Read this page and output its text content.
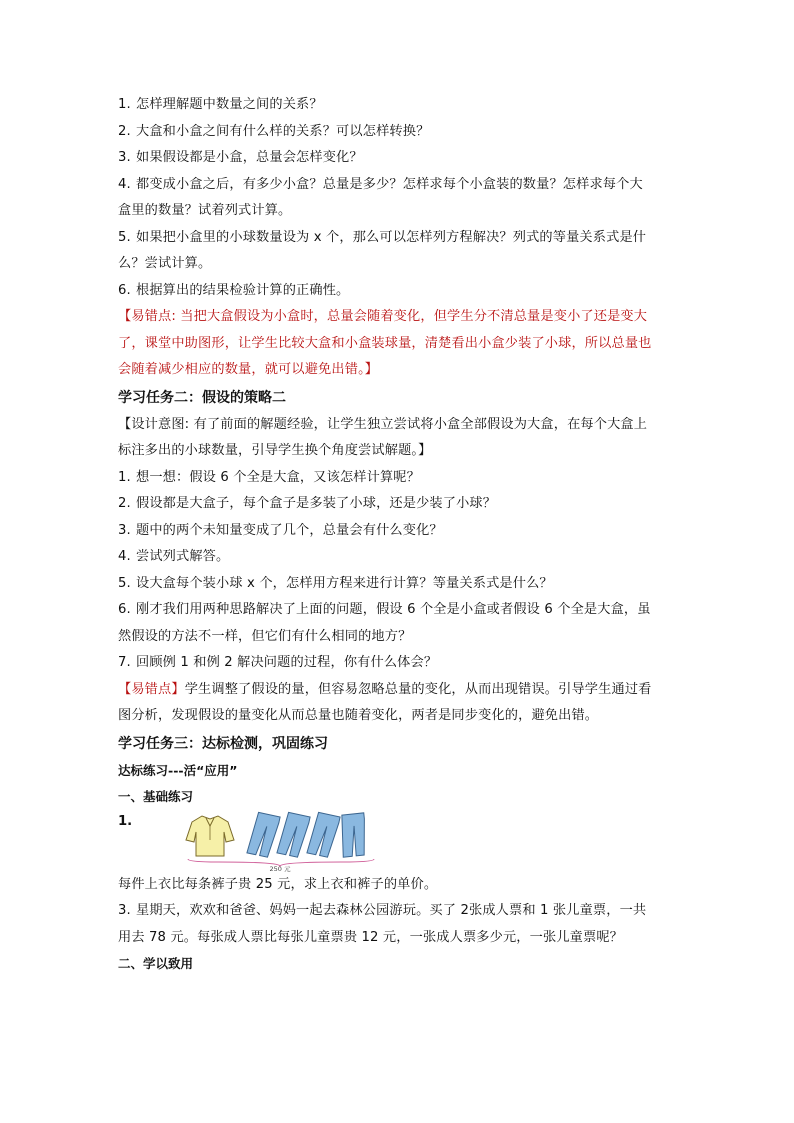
1. 怎样理解题中数量之间的关系？
2. 大盒和小盒之间有什么样的关系？可以怎样转换？
3. 如果假设都是小盒，总量会怎样变化？
4. 都变成小盒之后，有多少小盒？总量是多少？怎样求每个小盒装的数量？怎样求每个大
盒里的数量？试着列式计算。
5. 如果把小盒里的小球数量设为 x 个，那么可以怎样列方程解决？列式的等量关系式是什
么？尝试计算。
6. 根据算出的结果检验计算的正确性。
【易错点: 当把大盒假设为小盒时，总量会随着变化，但学生分不清总量是变小了还是变大
了，课堂中助图形，让学生比较大盒和小盒装球量，清楚看出小盒少装了小球，所以总量也
会随着减少相应的数量，就可以避免出错。】
学习任务二：假设的策略二
【设计意图: 有了前面的解题经验，让学生独立尝试将小盒全部假设为大盒，在每个大盒上
标注多出的小球数量，引导学生换个角度尝试解题。】
1. 想一想：假设 6 个全是大盒，又该怎样计算呢？
2. 假设都是大盒子，每个盒子是多装了小球，还是少装了小球？
3. 题中的两个未知量变成了几个，总量会有什么变化？
4. 尝试列式解答。
5. 设大盒每个装小球 x 个，怎样用方程来进行计算？等量关系式是什么？
6. 刚才我们用两种思路解决了上面的问题，假设 6 个全是小盒或者假设 6 个全是大盒，虽
然假设的方法不一样，但它们有什么相同的地方？
7. 回顾例 1 和例 2 解决问题的过程，你有什么体会？
【易错点】学生调整了假设的量，但容易忽略总量的变化，从而出现错误。引导学生通过看
图分析，发现假设的量变化从而总量也随着变化，两者是同步变化的，避免出错。
学习任务三：达标检测，巩固练习
达标练习---活“应用”
一、基础练习
1.
250 元
每件上衣比每条裤子贵 25 元，求上衣和裤子的单价。
3. 星期天，欢欢和爸爸、妈妈一起去森林公园游玩。买了 2张成人票和 1 张儿童票，一共
用去 78 元。每张成人票比每张儿童票贵 12 元，一张成人票多少元，一张儿童票呢？
二、学以致用
